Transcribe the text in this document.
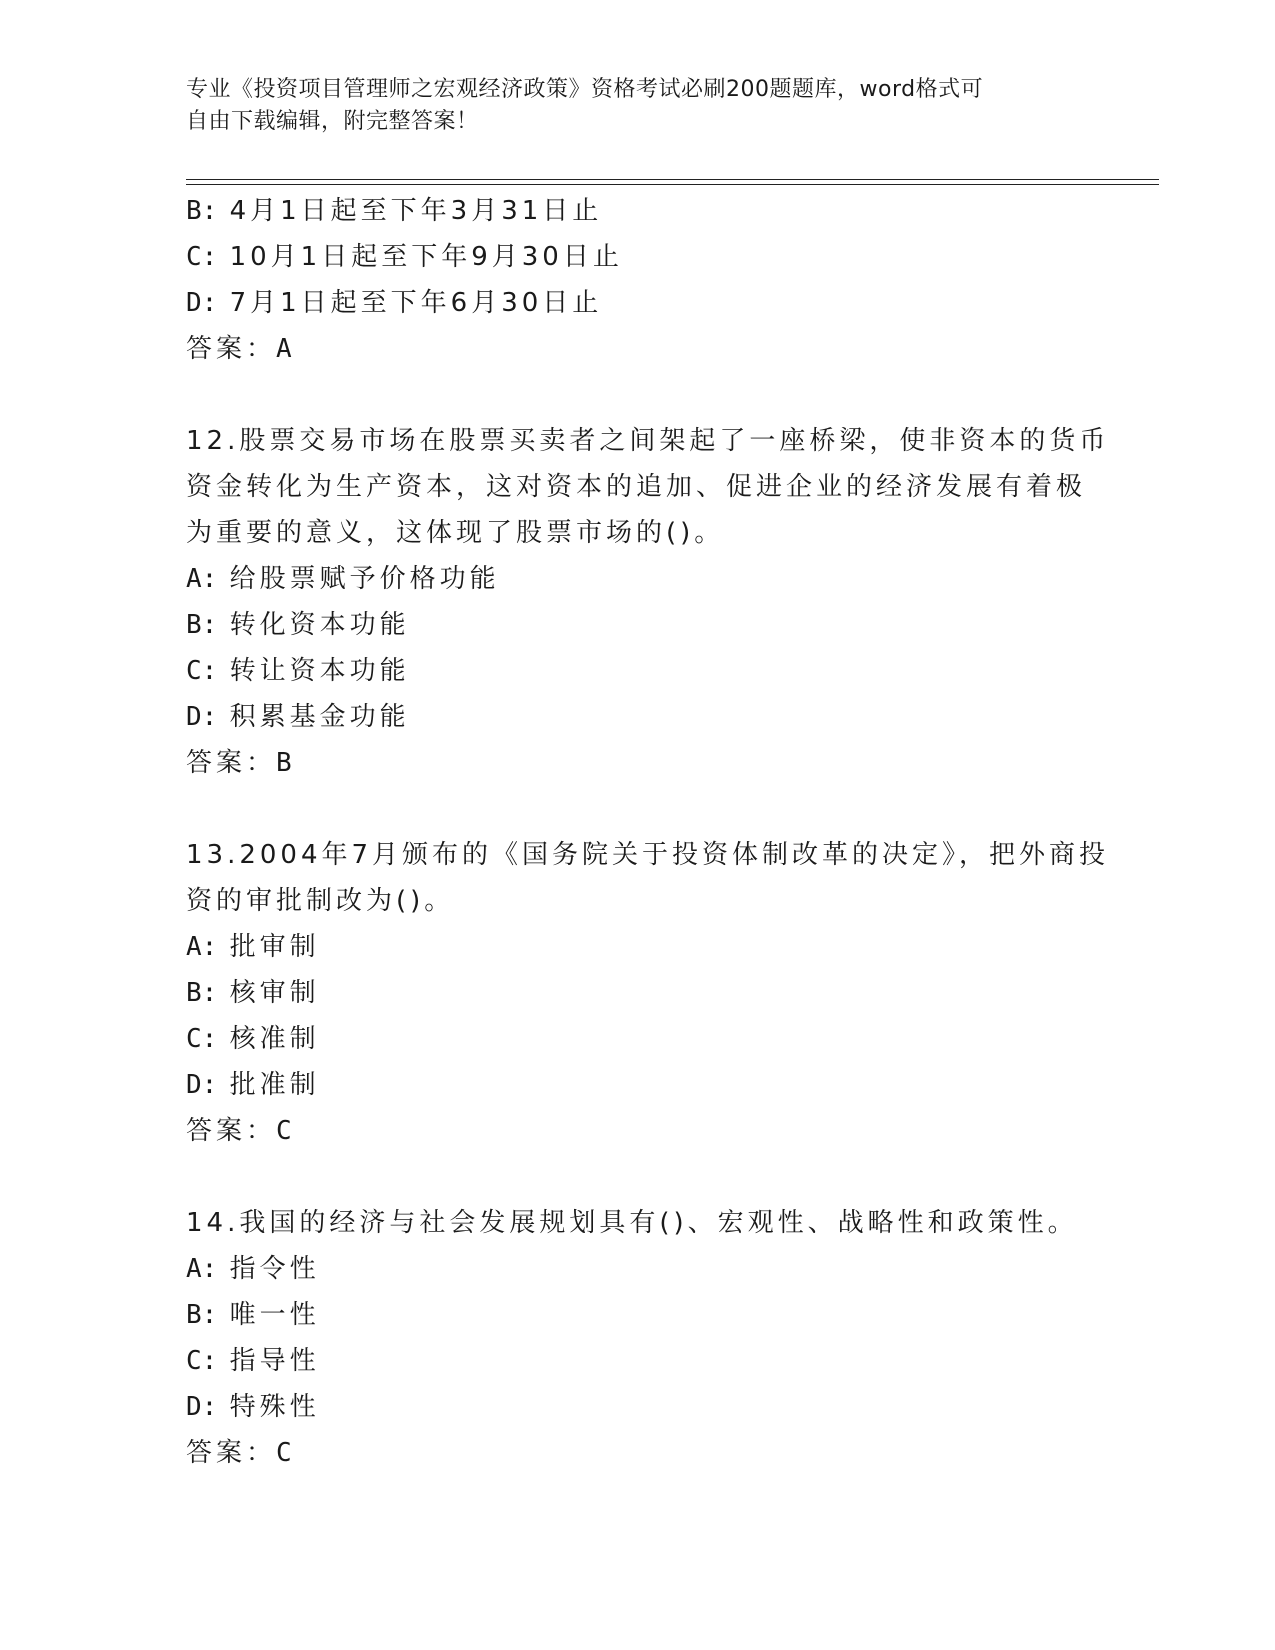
专业《投资项目管理师之宏观经济政策》资格考试必刷200题题库，word格式可
自由下载编辑，附完整答案！
B: 4月1日起至下年3月31日止
C: 10月1日起至下年9月30日止
D: 7月1日起至下年6月30日止
答案：A
12.股票交易市场在股票买卖者之间架起了一座桥梁，使非资本的货币
资金转化为生产资本，这对资本的追加、促进企业的经济发展有着极
为重要的意义，这体现了股票市场的()。
A: 给股票赋予价格功能
B: 转化资本功能
C: 转让资本功能
D: 积累基金功能
答案：B
13.2004年7月颁布的《国务院关于投资体制改革的决定》，把外商投
资的审批制改为()。
A: 批审制
B: 核审制
C: 核准制
D: 批准制
答案：C
14.我国的经济与社会发展规划具有()、宏观性、战略性和政策性。
A: 指令性
B: 唯一性
C: 指导性
D: 特殊性
答案：C
